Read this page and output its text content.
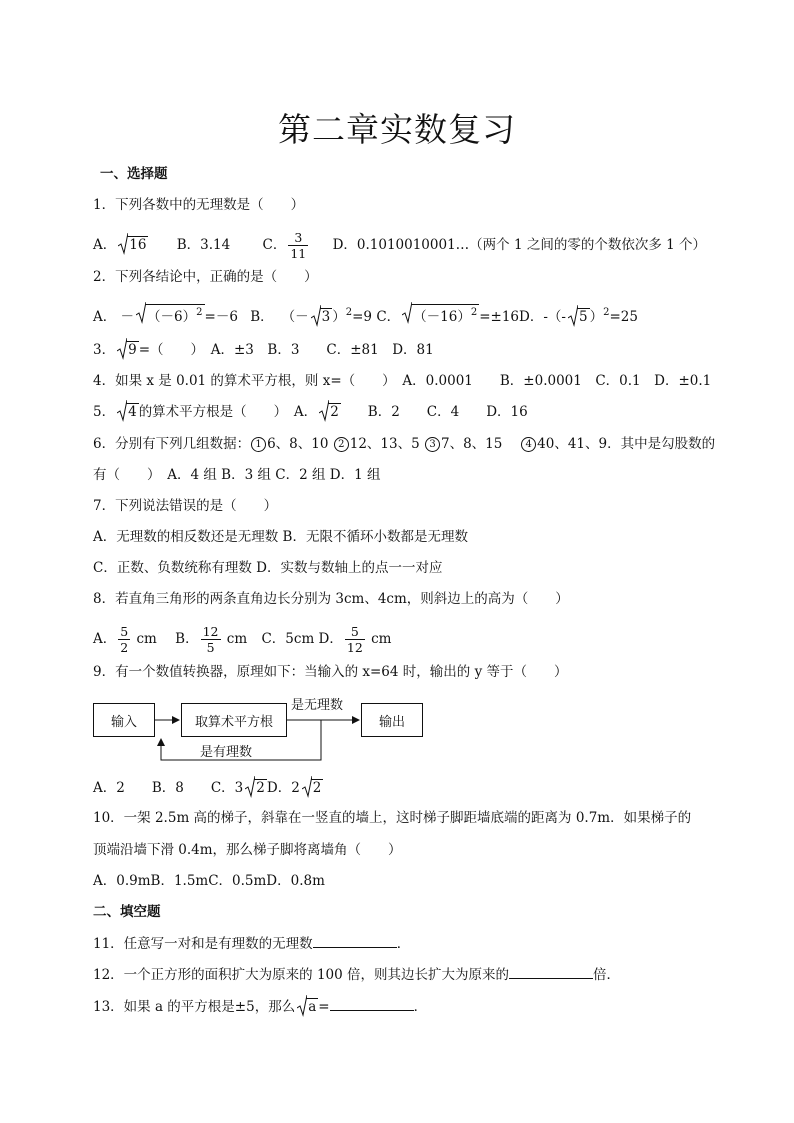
第二章实数复习
一、选择题
1．下列各数中的无理数是（　　）
A． 16 B．3.14 C． $\frac{3}{11}$ D．0.1010010001…（两个 1 之间的零的个数依次多 1 个）
2．下列各结论中，正确的是（　　）
A． － $(-6)^2 =-6$ B． （－ 3 ）$^2$=9 C． $(-16)^2 =\pm 16D$．-（- 5 ）$^2$=25
3． 9 =（　　）　A．±3　B．3　　C．±81　D．81
4．如果 x 是 0.01 的算术平方根，则 x=（　　）　A．0.0001　　B．±0.0001　C．0.1　D．±0.1
5． 4 的算术平方根是（　　）　A． 2　　B．2　　C．4　　D．16
6．分别有下列几组数据： 1 6、8、10 2 12、13、5 3 7、8、15　 4 40、41、9．其中是勾股数的
有（　　）　A．4 组 B．3 组 C．2 组 D．1 组
7．下列说法错误的是（　　）
A．无理数的相反数还是无理数 B．无限不循环小数都是无理数
C．正数、负数统称有理数 D．实数与数轴上的点一一对应
8．若直角三角形的两条直角边长分别为 3cm、4cm，则斜边上的高为（　　）
A． $\frac{5}{2}$ cm B． $\frac{12}{5}$ cm C．5cm D． $\frac{5}{12}$ cm
9．有一个数值转换器，原理如下：当输入的 x=64 时，输出的 y 等于（　　）
输入	取算术平方根	输出
是无理数
是有理数
A．2　　B．8　　C．3 2 D．2 2
10．一架 2.5m 高的梯子，斜靠在一竖直的墙上，这时梯子脚距墙底端的距离为 0.7m．如果梯子的
顶端沿墙下滑 0.4m，那么梯子脚将离墙角（　　）
A．0.9mB．1.5mC．0.5mD．0.8m
二、填空题
11．任意写一对和是有理数的无理数	．
12．一个正方形的面积扩大为原来的 100 倍，则其边长扩大为原来的	倍．
13．如果 a 的平方根是±5，那么 a =	．
